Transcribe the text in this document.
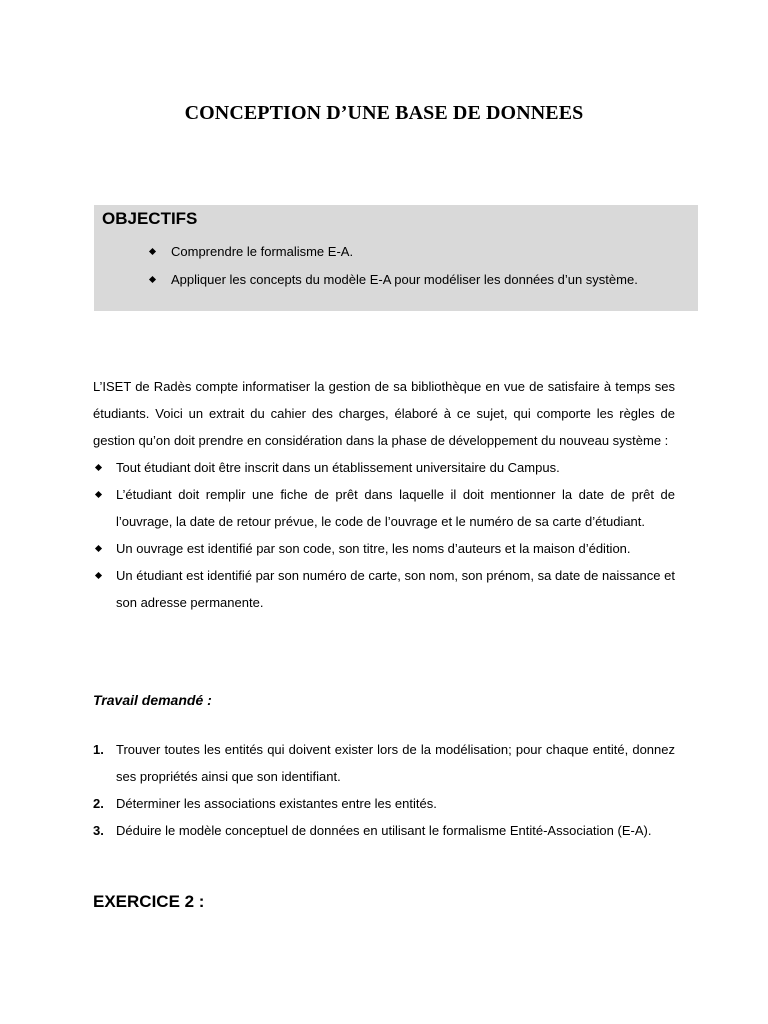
CONCEPTION D’UNE BASE DE DONNEES
OBJECTIFS
Comprendre le formalisme E-A.
Appliquer les concepts du modèle E-A pour modéliser les données d’un système.

L’ISET de Radès compte informatiser la gestion de sa bibliothèque en vue de satisfaire à temps ses étudiants. Voici un extrait du cahier des charges, élaboré à ce sujet, qui comporte les règles de gestion qu’on doit prendre en considération dans la phase de développement du nouveau système :

Tout étudiant doit être inscrit dans un établissement universitaire du Campus.
L’étudiant doit remplir une fiche de prêt dans laquelle il doit mentionner la date de prêt de l’ouvrage, la date de retour prévue, le code de l’ouvrage et le numéro de sa carte d’étudiant.
Un ouvrage est identifié par son code, son titre, les noms d’auteurs et la maison d’édition.
Un étudiant est identifié par son numéro de carte, son nom, son prénom, sa date de naissance et son adresse permanente.
Travail demandé :
1. Trouver toutes les entités qui doivent exister lors de la modélisation; pour chaque entité, donnez ses propriétés ainsi que son identifiant.
2. Déterminer les associations existantes entre les entités.
3. Déduire le modèle conceptuel de données en utilisant le formalisme Entité-Association (E-A).
EXERCICE 2 :
